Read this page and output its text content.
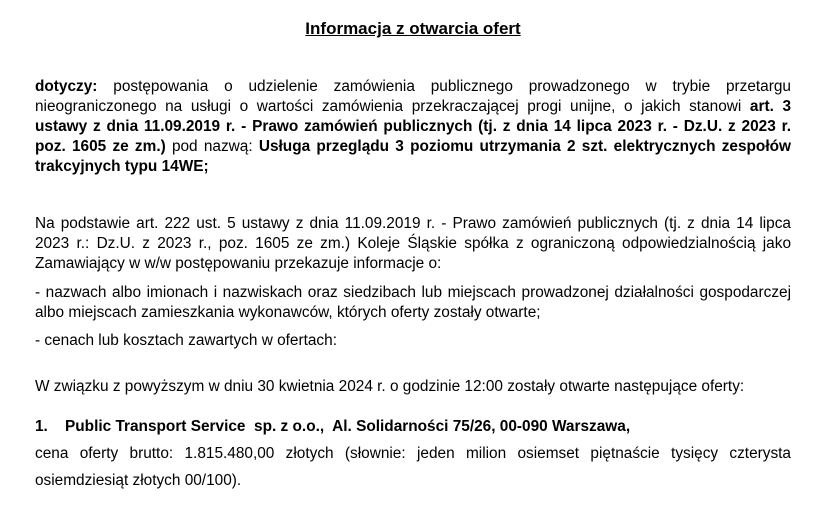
Informacja z otwarcia ofert

dotyczy: postępowania o udzielenie zamówienia publicznego prowadzonego w trybie przetargu nieograniczonego na usługi o wartości zamówienia przekraczającej progi unijne, o jakich stanowi art. 3 ustawy z dnia 11.09.2019 r. - Prawo zamówień publicznych (tj. z dnia 14 lipca 2023 r. - Dz.U. z 2023 r. poz. 1605 ze zm.) pod nazwą: Usługa przeglądu 3 poziomu utrzymania 2 szt. elektrycznych zespołów trakcyjnych typu 14WE;

Na podstawie art. 222 ust. 5 ustawy z dnia 11.09.2019 r. - Prawo zamówień publicznych (tj. z dnia 14 lipca 2023 r.: Dz.U. z 2023 r., poz. 1605 ze zm.) Koleje Śląskie spółka z ograniczoną odpowiedzialnością jako Zamawiający w w/w postępowaniu przekazuje informacje o:

- nazwach albo imionach i nazwiskach oraz siedzibach lub miejscach prowadzonej działalności gospodarczej albo miejscach zamieszkania wykonawców, których oferty zostały otwarte;

- cenach lub kosztach zawartych w ofertach:

W związku z powyższym w dniu 30 kwietnia 2024 r. o godzinie 12:00 zostały otwarte następujące oferty:

1. Public Transport Service  sp. z o.o.,  Al. Solidarności 75/26, 00-090 Warszawa,

cena oferty brutto: 1.815.480,00 złotych (słownie: jeden milion osiemset piętnaście tysięcy czterysta osiemdziesiąt złotych 00/100).
